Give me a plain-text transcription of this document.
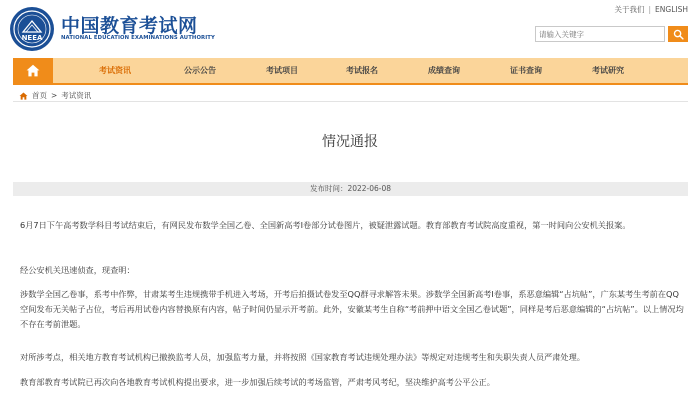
NEEA
中国教育考试网
NATIONAL EDUCATION EXAMINATIONS AUTHORITY
关于我们 | ENGLISH
请输入关键字
考试资讯	公示公告	考试项目	考试报名	成绩查询	证书查询	考试研究
首页 > 考试资讯
情况通报
发布时间：2022-06-08

6月7日下午高考数学科目考试结束后，有网民发布数学全国乙卷、全国新高考Ⅰ卷部分试卷图片，被疑泄露试题。教育部教育考试院高度重视，第一时间向公安机关报案。

经公安机关迅速侦查，现查明：

涉数学全国乙卷事，系考中作弊，甘肃某考生违规携带手机进入考场，开考后拍摄试卷发至QQ群寻求解答未果。涉数学全国新高考Ⅰ卷事，系恶意编辑“占坑帖”，广东某考生考前在QQ空间发布无关帖子占位，考后再用试卷内容替换原有内容，帖子时间仍显示开考前。此外，安徽某考生自称“考前押中语文全国乙卷试题”，同样是考后恶意编辑的“占坑帖”。以上情况均不存在考前泄题。

对所涉考点，相关地方教育考试机构已撤换监考人员，加强监考力量，并将按照《国家教育考试违规处理办法》等规定对违规考生和失职失责人员严肃处理。

教育部教育考试院已再次向各地教育考试机构提出要求，进一步加强后续考试的考场监管，严肃考风考纪，坚决维护高考公平公正。
